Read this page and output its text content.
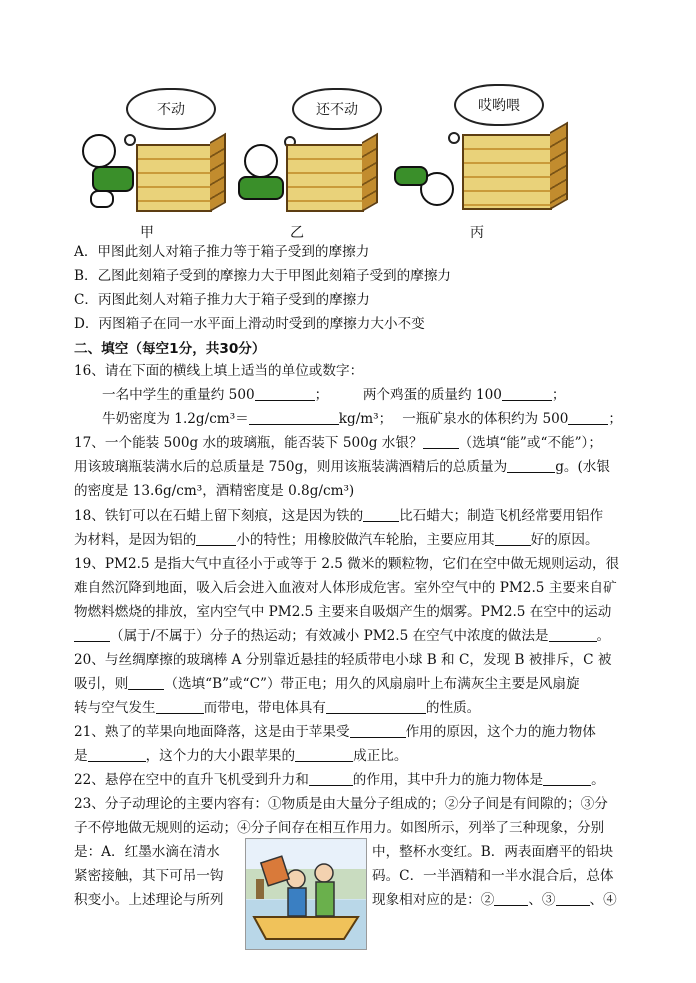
不动
甲
还不动
乙
哎哟喂
丙
A．甲图此刻人对箱子推力等于箱子受到的摩擦力
B．乙图此刻箱子受到的摩擦力大于甲图此刻箱子受到的摩擦力
C．丙图此刻人对箱子推力大于箱子受到的摩擦力
D．丙图箱子在同一水平面上滑动时受到的摩擦力大小不变
二、填空（每空1分，共30分）
16、请在下面的横线上填上适当的单位或数字：
一名中学生的重量约 500	；	两个鸡蛋的质量约 100	；
牛奶密度为 1.2g/cm³＝	kg/m³； 一瓶矿泉水的体积约为 500	；
17、一个能装 500g 水的玻璃瓶，能否装下 500g 水银？	（选填“能”或“不能”）；
用该玻璃瓶装满水后的总质量是 750g，则用该瓶装满酒精后的总质量为	g。(水银
的密度是 13.6g/cm³，酒精密度是 0.8g/cm³)
18、铁钉可以在石蜡上留下刻痕，这是因为铁的	比石蜡大；制造飞机经常要用铝作
为材料，是因为铝的	小的特性；用橡胶做汽车轮胎，主要应用其	好的原因。
19、PM2.5 是指大气中直径小于或等于 2.5 微米的颗粒物，它们在空中做无规则运动，很
难自然沉降到地面，吸入后会进入血液对人体形成危害。室外空气中的 PM2.5 主要来自矿
物燃料燃烧的排放，室内空气中 PM2.5 主要来自吸烟产生的烟雾。PM2.5 在空中的运动
（属于/不属于）分子的热运动；有效减小 PM2.5 在空气中浓度的做法是	。
20、与丝绸摩擦的玻璃棒 A 分别靠近悬挂的轻质带电小球 B 和 C，发现 B 被排斥，C 被
吸引，则	（选填“B”或“C”）带正电；用久的风扇扇叶上布满灰尘主要是风扇旋
转与空气发生	而带电，带电体具有	的性质。
21、熟了的苹果向地面降落，这是由于苹果受	作用的原因，这个力的施力物体
是	，这个力的大小跟苹果的	成正比。
22、悬停在空中的直升飞机受到升力和	的作用，其中升力的施力物体是	。
23、分子动理论的主要内容有：①物质是由大量分子组成的；②分子间是有间隙的；③分
子不停地做无规则的运动；④分子间存在相互作用力。如图所示，列举了三种现象，分别
是：A．红墨水滴在清水	中，整杯水变红。B．两表面磨平的铅块
紧密接触，其下可吊一钩	码。C．一半酒精和一半水混合后，总体
积变小。上述理论与所列	现象相对应的是：②	、③	、④
